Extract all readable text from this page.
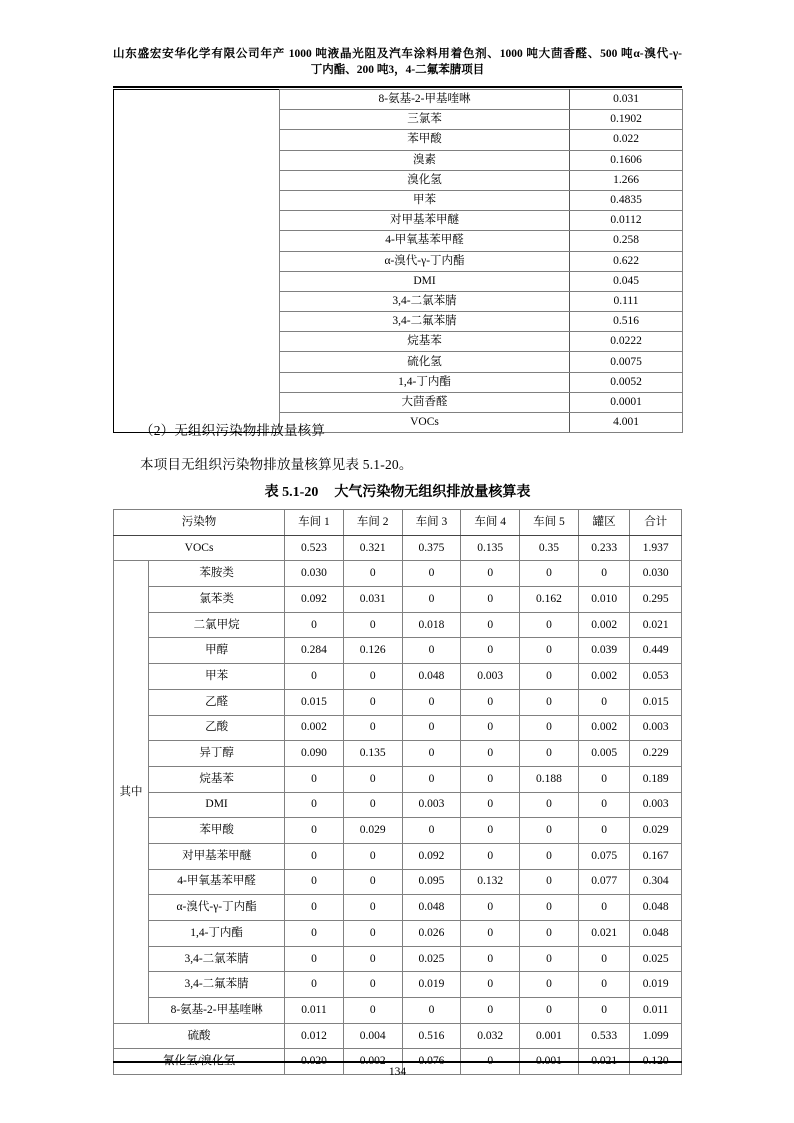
山东盛宏安华化学有限公司年产 1000 吨液晶光阻及汽车涂料用着色剂、1000 吨大茴香醛、500 吨α-溴代-γ-
丁内酯、200 吨3，4-二氟苯腈项目
	8-氨基-2-甲基喹啉	0.031
	三氯苯	0.1902
	苯甲酸	0.022
	溴素	0.1606
	溴化氢	1.266
	甲苯	0.4835
	对甲基苯甲醚	0.0112
	4-甲氧基苯甲醛	0.258
	α-溴代-γ-丁内酯	0.622
	DMI	0.045
	3,4-二氯苯腈	0.111
	3,4-二氟苯腈	0.516
	烷基苯	0.0222
	硫化氢	0.0075
	1,4-丁内酯	0.0052
	大茴香醛	0.0001
	VOCs	4.001
（2）无组织污染物排放量核算
本项目无组织污染物排放量核算见表 5.1-20。
表 5.1-20 大气污染物无组织排放量核算表
污染物		车间 1	车间 2	车间 3	车间 4	车间 5	罐区	合计
VOCs		0.523	0.321	0.375	0.135	0.35	0.233	1.937
其中	苯胺类	0.030	0	0	0	0	0	0.030
	氯苯类	0.092	0.031	0	0	0.162	0.010	0.295
	二氯甲烷	0	0	0.018	0	0	0.002	0.021
	甲醇	0.284	0.126	0	0	0	0.039	0.449
	甲苯	0	0	0.048	0.003	0	0.002	0.053
	乙醛	0.015	0	0	0	0	0	0.015
	乙酸	0.002	0	0	0	0	0.002	0.003
	异丁醇	0.090	0.135	0	0	0	0.005	0.229
	烷基苯	0	0	0	0	0.188	0	0.189
	DMI	0	0	0.003	0	0	0	0.003
	苯甲酸	0	0.029	0	0	0	0	0.029
	对甲基苯甲醚	0	0	0.092	0	0	0.075	0.167
	4-甲氧基苯甲醛	0	0	0.095	0.132	0	0.077	0.304
	α-溴代-γ-丁内酯	0	0	0.048	0	0	0	0.048
	1,4-丁内酯	0	0	0.026	0	0	0.021	0.048
	3,4-二氯苯腈	0	0	0.025	0	0	0	0.025
	3,4-二氟苯腈	0	0	0.019	0	0	0	0.019
	8-氨基-2-甲基喹啉	0.011	0	0	0	0	0	0.011
硫酸		0.012	0.004	0.516	0.032	0.001	0.533	1.099
氰化氢/溴化氢		0.020	0.002	0.076	0	0.001	0.021	0.120
134
